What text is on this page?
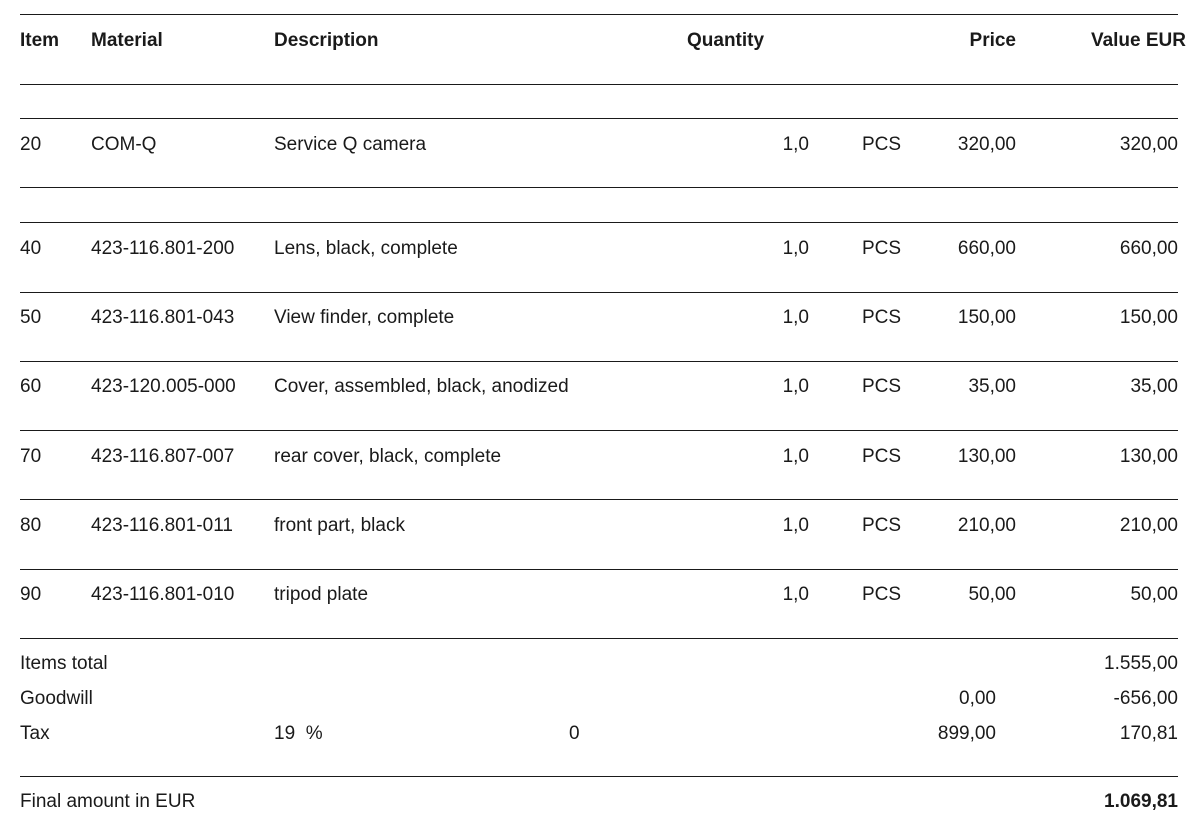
Item Material	Description	Quantity	Price	Value EUR
20	COM-Q	Service Q camera	1,0	PCS	320,00	320,00
40	423-116.801-200 Lens, black, complete	1,0	PCS	660,00	660,00
50	423-116.801-043 View finder, complete	1,0	PCS	150,00	150,00
60	423-120.005-000 Cover, assembled, black, anodized	1,0	PCS	35,00	35,00
70	423-116.807-007 rear cover, black, complete	1,0	PCS	130,00	130,00
80	423-116.801-011 front part, black	1,0	PCS	210,00	210,00
90	423-116.801-010 tripod plate	1,0	PCS	50,00	50,00
Items total	1.555,00
Goodwill	0,00	-656,00
Tax	19  %	0	899,00	170,81
Final amount in EUR	1.069,81
